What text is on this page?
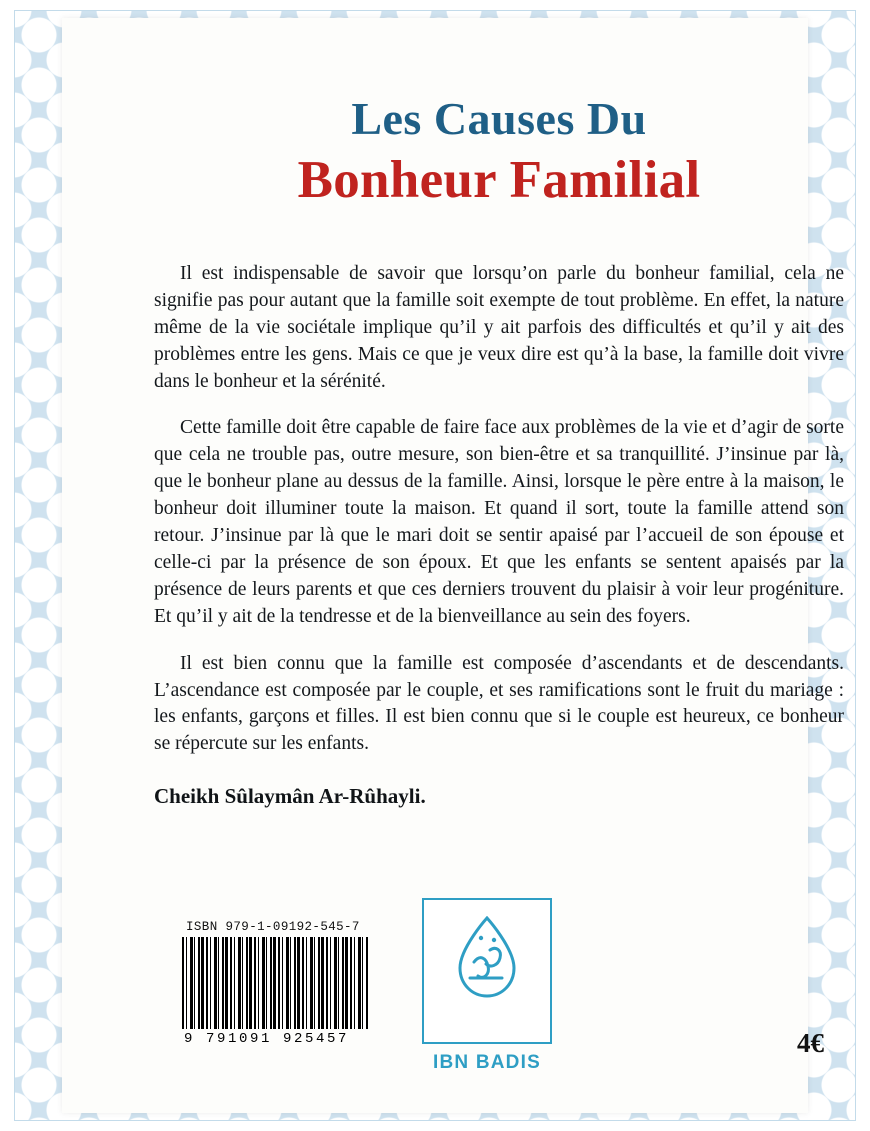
Les Causes Du
Bonheur Familial

Il est indispensable de savoir que lorsqu’on parle du bonheur familial, cela ne signifie pas pour autant que la famille soit exempte de tout problème. En effet, la nature même de la vie sociétale implique qu’il y ait parfois des difficultés et qu’il y ait des problèmes entre les gens. Mais ce que je veux dire est qu’à la base, la famille doit vivre dans le bonheur et la sérénité.

Cette famille doit être capable de faire face aux problèmes de la vie et d’agir de sorte que cela ne trouble pas, outre mesure, son bien-être et sa tranquillité. J’insinue par là, que le bonheur plane au dessus de la famille. Ainsi, lorsque le père entre à la maison, le bonheur doit illuminer toute la maison. Et quand il sort, toute la famille attend son retour. J’insinue par là que le mari doit se sentir apaisé par l’accueil de son épouse et celle-ci par la présence de son époux. Et que les enfants se sentent apaisés par la présence de leurs parents et que ces derniers trouvent du plaisir à voir leur progéniture. Et qu’il y ait de la tendresse et de la bienveillance au sein des foyers.

Il est bien connu que la famille est composée d’ascendants et de descendants. L’ascendance est composée par le couple, et ses ramifications sont le fruit du mariage : les enfants, garçons et filles. Il est bien connu que si le couple est heureux, ce bonheur se répercute sur les enfants.

Cheikh Sûlaymân Ar-Rûhayli.
ISBN 979-1-09192-545-7
9 791091 925457
IBN BADIS
4€
